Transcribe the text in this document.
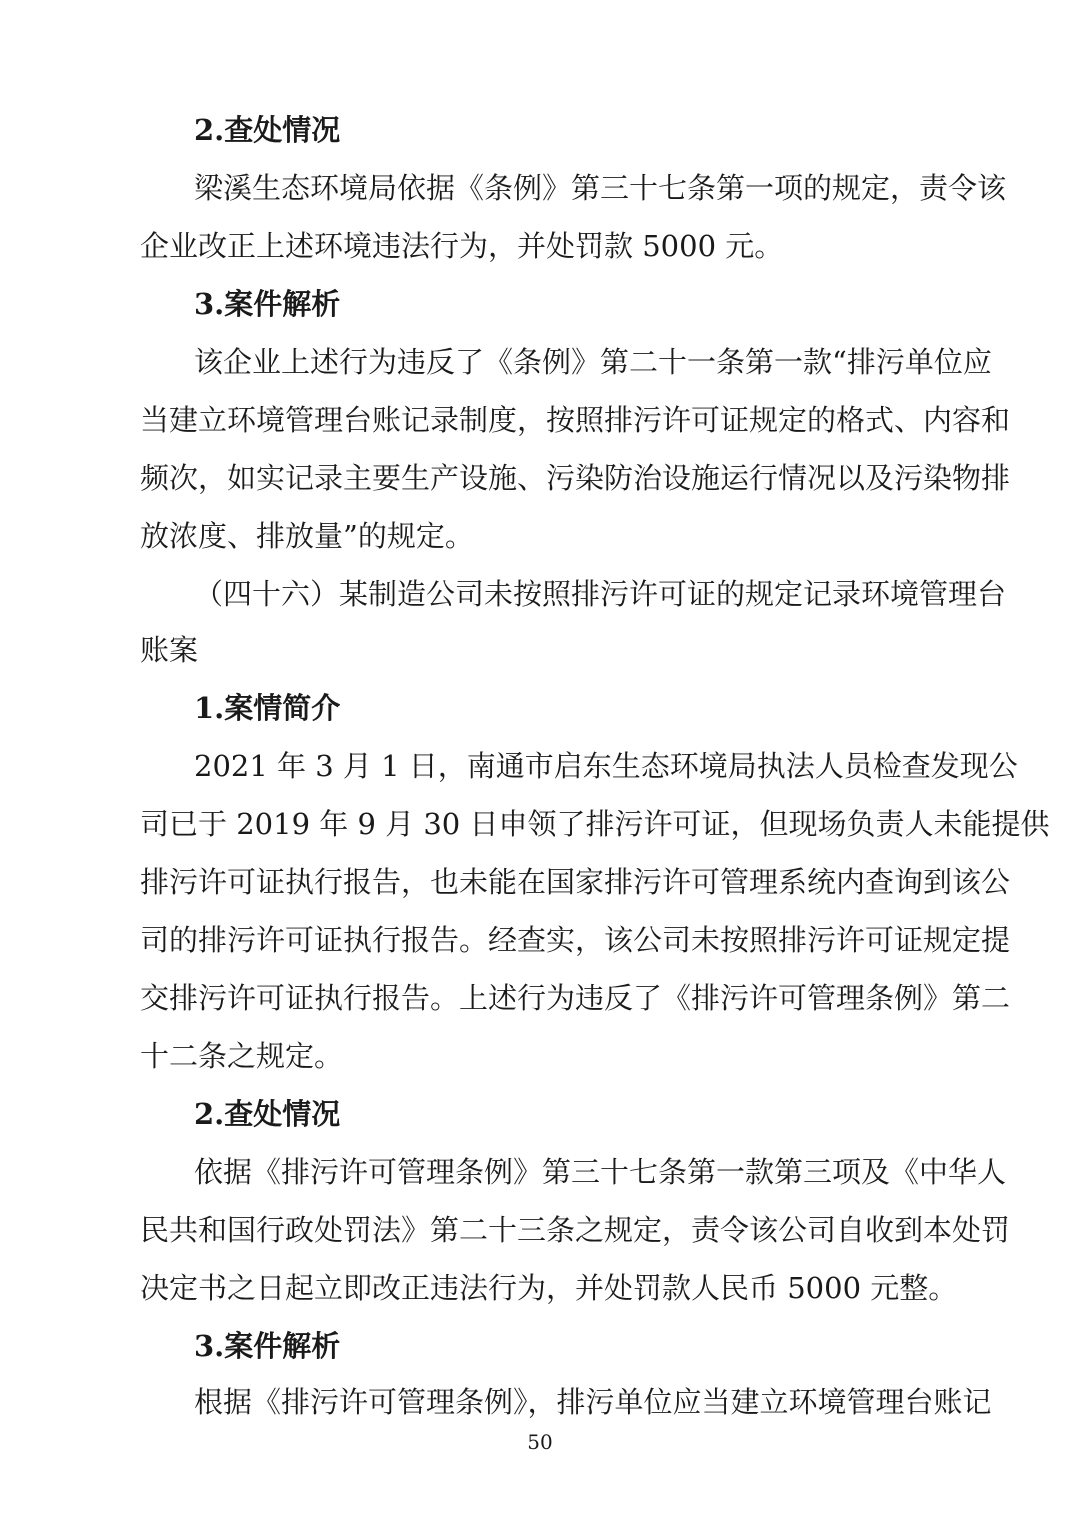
2.查处情况
梁溪生态环境局依据《条例》第三十七条第一项的规定，责令该
企业改正上述环境违法行为，并处罚款 5000 元。
3.案件解析
该企业上述行为违反了《条例》第二十一条第一款“排污单位应
当建立环境管理台账记录制度，按照排污许可证规定的格式、内容和
频次，如实记录主要生产设施、污染防治设施运行情况以及污染物排
放浓度、排放量”的规定。
（四十六）某制造公司未按照排污许可证的规定记录环境管理台
账案
1.案情简介
2021 年 3 月 1 日，南通市启东生态环境局执法人员检查发现公
司已于 2019 年 9 月 30 日申领了排污许可证，但现场负责人未能提供
排污许可证执行报告，也未能在国家排污许可管理系统内查询到该公
司的排污许可证执行报告。经查实，该公司未按照排污许可证规定提
交排污许可证执行报告。上述行为违反了《排污许可管理条例》第二
十二条之规定。
2.查处情况
依据《排污许可管理条例》第三十七条第一款第三项及《中华人
民共和国行政处罚法》第二十三条之规定，责令该公司自收到本处罚
决定书之日起立即改正违法行为，并处罚款人民币 5000 元整。
3.案件解析
根据《排污许可管理条例》，排污单位应当建立环境管理台账记
50
